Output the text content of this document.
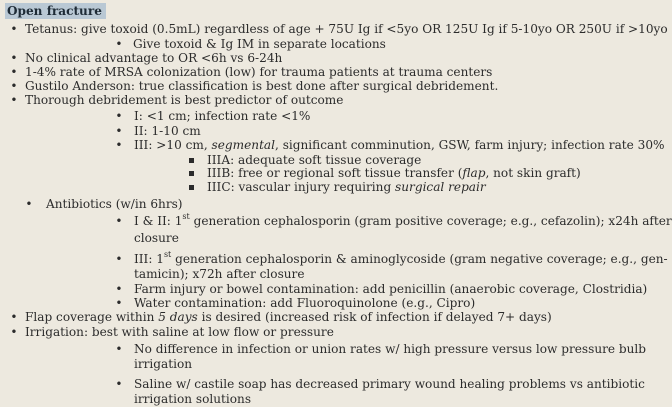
Open fracture
• Tetanus: give toxoid (0.5mL) regardless of age + 75U Ig if <5yo OR 125U Ig if 5-10yo OR 250U if >10yo
• Give toxoid & Ig IM in separate locations
• No clinical advantage to OR <6h vs 6-24h
• 1-4% rate of MRSA colonization (low) for trauma patients at trauma centers
• Gustilo Anderson: true classification is best done after surgical debridement.
• Thorough debridement is best predictor of outcome
• I: <1 cm; infection rate <1%
• II: 1-10 cm
• III: >10 cm, segmental, significant comminution, GSW, farm injury; infection rate 30%
IIIA: adequate soft tissue coverage
IIIB: free or regional soft tissue transfer (flap, not skin graft)
IIIC: vascular injury requiring surgical repair
• Antibiotics (w/in 6hrs)
• I & II: 1st generation cephalosporin (gram positive coverage; e.g., cefazolin); x24h after
closure
• III: 1st generation cephalosporin & aminoglycoside (gram negative coverage; e.g., gen-
tamicin); x72h after closure
• Farm injury or bowel contamination: add penicillin (anaerobic coverage, Clostridia)
• Water contamination: add Fluoroquinolone (e.g., Cipro)
• Flap coverage within 5 days is desired (increased risk of infection if delayed 7+ days)
• Irrigation: best with saline at low flow or pressure
• No difference in infection or union rates w/ high pressure versus low pressure bulb
irrigation
• Saline w/ castile soap has decreased primary wound healing problems vs antibiotic
irrigation solutions
